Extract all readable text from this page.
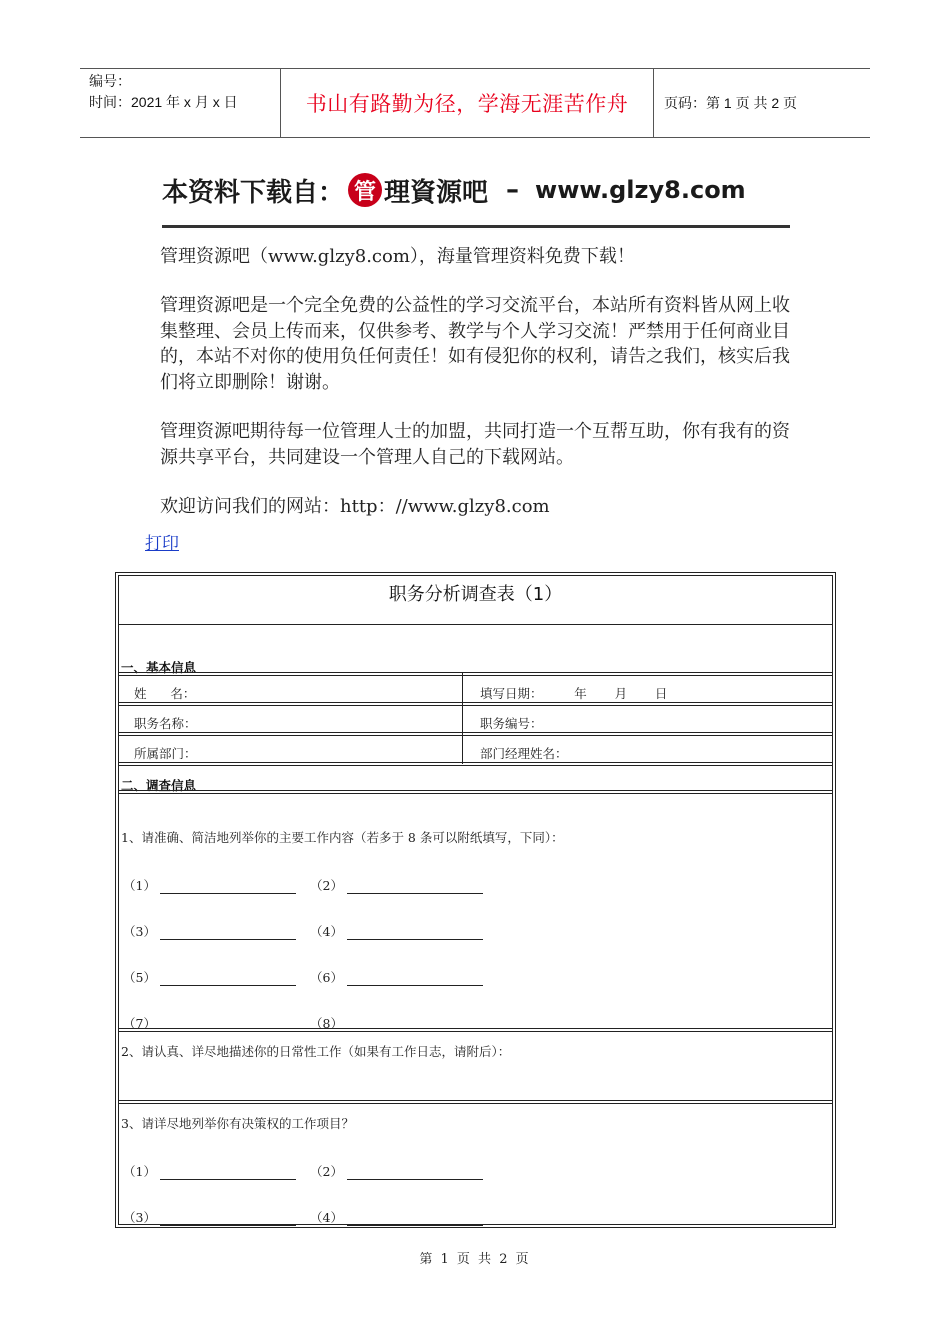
编号：
时间：2021 年 x 月 x 日	书山有路勤为径，学海无涯苦作舟	页码：第 1 页 共 2 页
本资料下载自： 管 理資源吧 – www.glzy8.com

管理资源吧（www.glzy8.com），海量管理资料免费下载！

管理资源吧是一个完全免费的公益性的学习交流平台，本站所有资料皆从网上收集整理、会员上传而来，仅供参考、教学与个人学习交流！严禁用于任何商业目的，本站不对你的使用负任何责任！如有侵犯你的权利，请告之我们，核实后我们将立即删除！谢谢。

管理资源吧期待每一位管理人士的加盟，共同打造一个互帮互助，你有我有的资源共享平台，共同建设一个管理人自己的下载网站。

欢迎访问我们的网站：http：//www.glzy8.com

打印
职务分析调查表（1）
一、基本信息
姓      名：	填写日期：        年       月       日
职务名称：	职务编号：
所属部门：	部门经理姓名：
二、调查信息
1、请准确、简洁地列举你的主要工作内容（若多于 8 条可以附纸填写，下同）：
（1）	（2）
（3）	（4）
（5）	（6）
（7）	（8）
2、请认真、详尽地描述你的日常性工作（如果有工作日志，请附后）：
3、请详尽地列举你有决策权的工作项目？
（1）	（2）
（3）	（4）
第 1 页 共 2 页
